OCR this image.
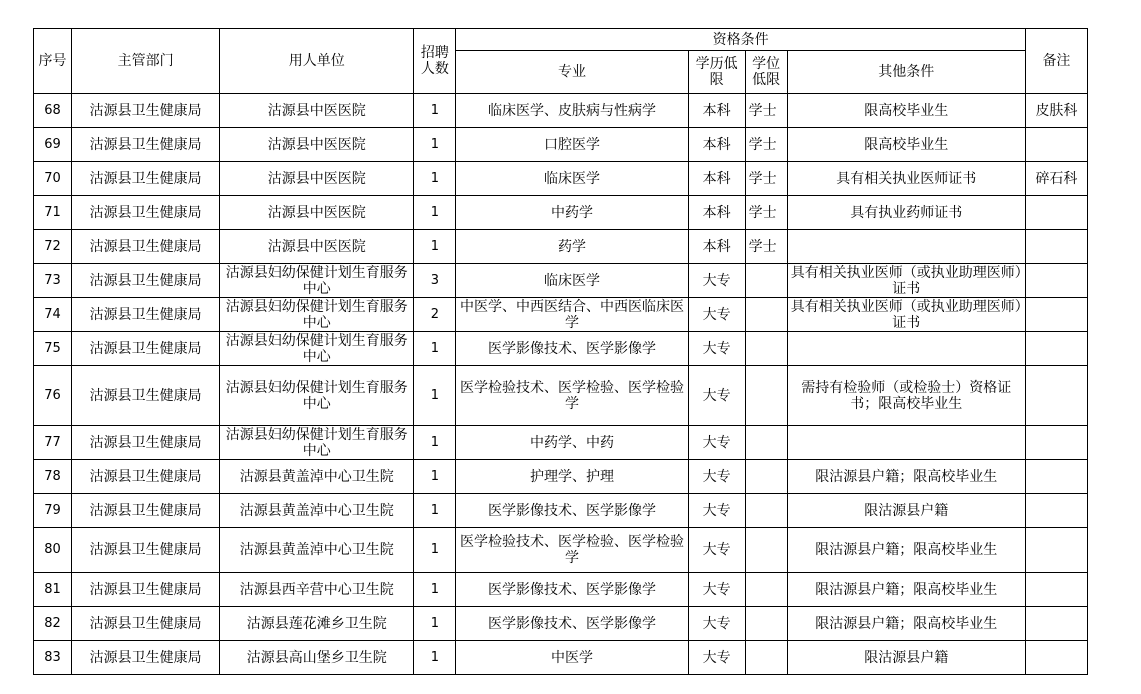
序号	主管部门	用人单位	招聘人数	资格条件				备注
				专业	学历低限	学位低限	其他条件	
68	沽源县卫生健康局	沽源县中医医院	1	临床医学、皮肤病与性病学	本科	学士	限高校毕业生	皮肤科
69	沽源县卫生健康局	沽源县中医医院	1	口腔医学	本科	学士	限高校毕业生	
70	沽源县卫生健康局	沽源县中医医院	1	临床医学	本科	学士	具有相关执业医师证书	碎石科
71	沽源县卫生健康局	沽源县中医医院	1	中药学	本科	学士	具有执业药师证书	
72	沽源县卫生健康局	沽源县中医医院	1	药学	本科	学士		
73	沽源县卫生健康局	沽源县妇幼保健计划生育服务中心	3	临床医学	大专		具有相关执业医师（或执业助理医师）证书	
74	沽源县卫生健康局	沽源县妇幼保健计划生育服务中心	2	中医学、中西医结合、中西医临床医学	大专		具有相关执业医师（或执业助理医师）证书	
75	沽源县卫生健康局	沽源县妇幼保健计划生育服务中心	1	医学影像技术、医学影像学	大专			
76	沽源县卫生健康局	沽源县妇幼保健计划生育服务中心	1	医学检验技术、医学检验、医学检验学	大专		需持有检验师（或检验士）资格证书；限高校毕业生	
77	沽源县卫生健康局	沽源县妇幼保健计划生育服务中心	1	中药学、中药	大专			
78	沽源县卫生健康局	沽源县黄盖淖中心卫生院	1	护理学、护理	大专		限沽源县户籍；限高校毕业生	
79	沽源县卫生健康局	沽源县黄盖淖中心卫生院	1	医学影像技术、医学影像学	大专		限沽源县户籍	
80	沽源县卫生健康局	沽源县黄盖淖中心卫生院	1	医学检验技术、医学检验、医学检验学	大专		限沽源县户籍；限高校毕业生	
81	沽源县卫生健康局	沽源县西辛营中心卫生院	1	医学影像技术、医学影像学	大专		限沽源县户籍；限高校毕业生	
82	沽源县卫生健康局	沽源县莲花滩乡卫生院	1	医学影像技术、医学影像学	大专		限沽源县户籍；限高校毕业生	
83	沽源县卫生健康局	沽源县高山堡乡卫生院	1	中医学	大专		限沽源县户籍	
